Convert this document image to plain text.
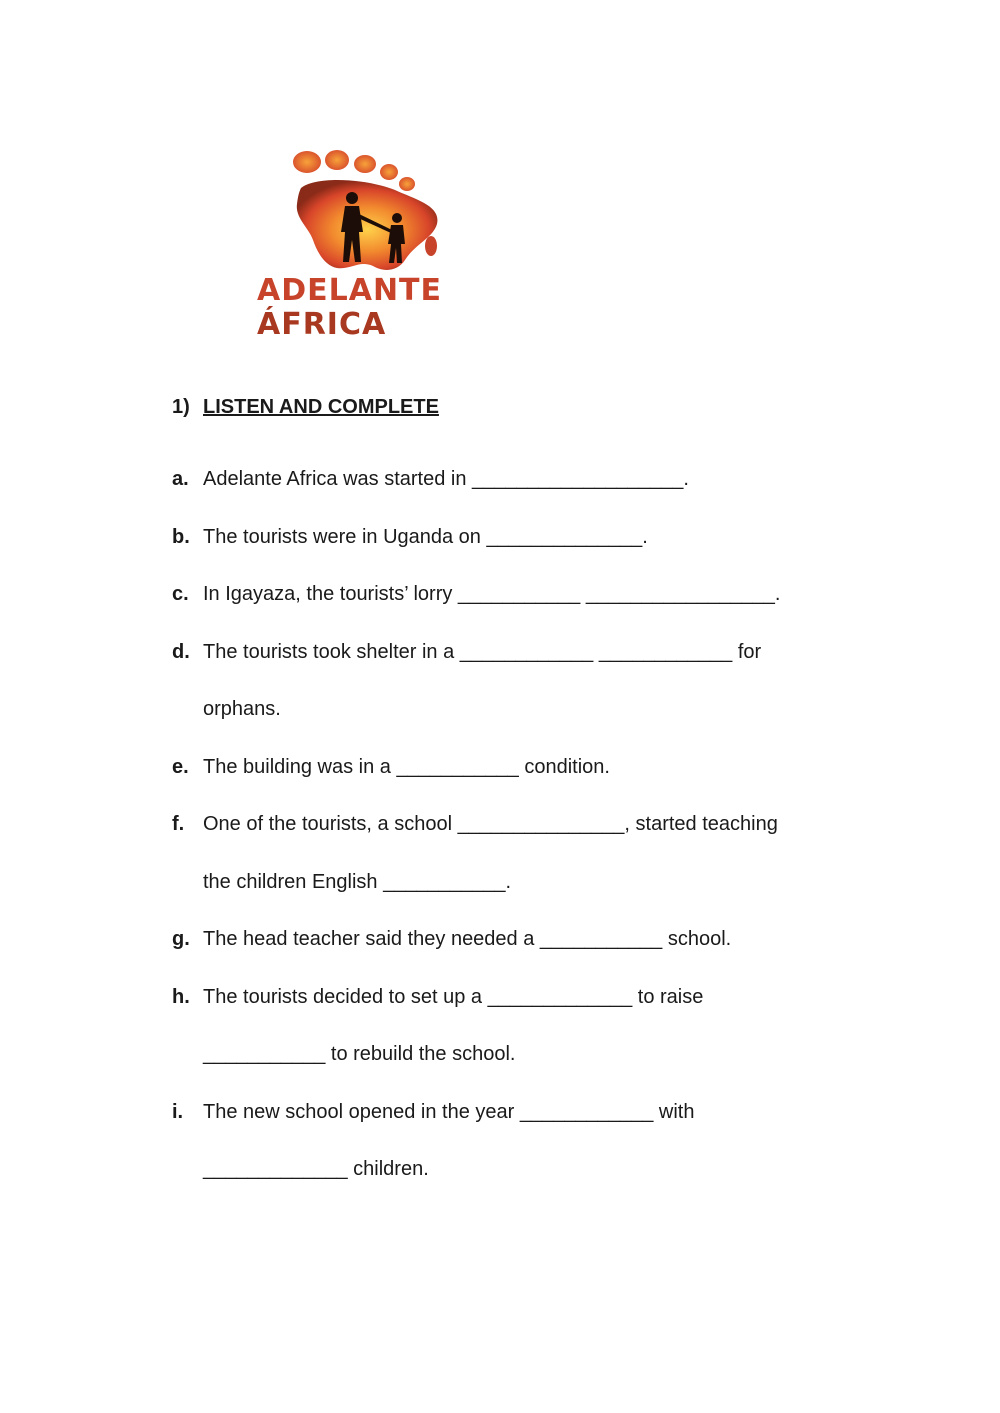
ADELANTE
ÁFRICA
1) LISTEN AND COMPLETE
a. Adelante Africa was started in ___________________.
b. The tourists were in Uganda on ______________.
c. In Igayaza, the tourists’ lorry ___________ _________________.
d. The tourists took shelter in a ____________ ____________ for
orphans.
e. The building was in a ___________ condition.
f. One of the tourists, a school _______________, started teaching
the children English ___________.
g. The head teacher said they needed a ___________ school.
h. The tourists decided to set up a _____________ to raise
___________ to rebuild the school.
i. The new school opened in the year ____________ with
_____________ children.
